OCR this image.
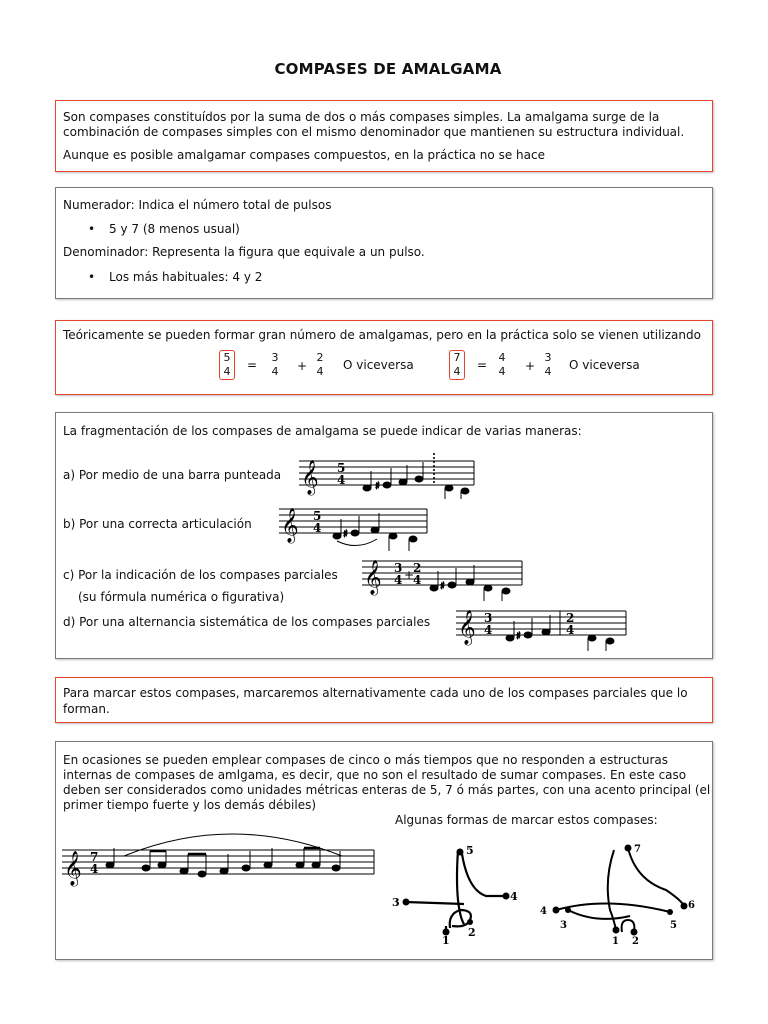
COMPASES DE AMALGAMA
Son compases constituídos por la suma de dos o más compases simples. La amalgama surge de la
combinación de compases simples con el mismo denominador que mantienen su estructura individual.
Aunque es posible amalgamar compases compuestos, en la práctica no se hace
Numerador: Indica el número total de pulsos
• 5 y 7 (8 menos usual)
Denominador: Representa la figura que equivale a un pulso.
• Los más habituales: 4 y 2
Teóricamente se pueden formar gran número de amalgamas, pero en la práctica solo se vienen utilizando
5
4 =
3
4 +
2
4 O viceversa
7
4 =
4
4 +
3
4 O viceversa
La fragmentación de los compases de amalgama se puede indicar de varias maneras:
a) Por medio de una barra punteada
b) Por una correcta articulación
c) Por la indicación de los compases parciales
(su fórmula numérica o figurativa)
d) Por una alternancia sistemática de los compases parciales
𝄞 5
4	♯
𝄞 5
4 ♯
𝄞 3
4 +
2
4 ♯
𝄞 3
4
2
4
♯
Para marcar estos compases, marcaremos alternativamente cada uno de los compases parciales que lo
forman.
En ocasiones se pueden emplear compases de cinco o más tiempos que no responden a estructuras
internas de compases de amlgama, es decir, que no son el resultado de sumar compases. En este caso
deben ser considerados como unidades métricas enteras de 5, 7 ó más partes, con una acento principal (el
primer tiempo fuerte y los demás débiles)
Algunas formas de marcar estos compases:
𝄞 7
4
5
3	4
1
2
7
4
6
5
3
1 2
